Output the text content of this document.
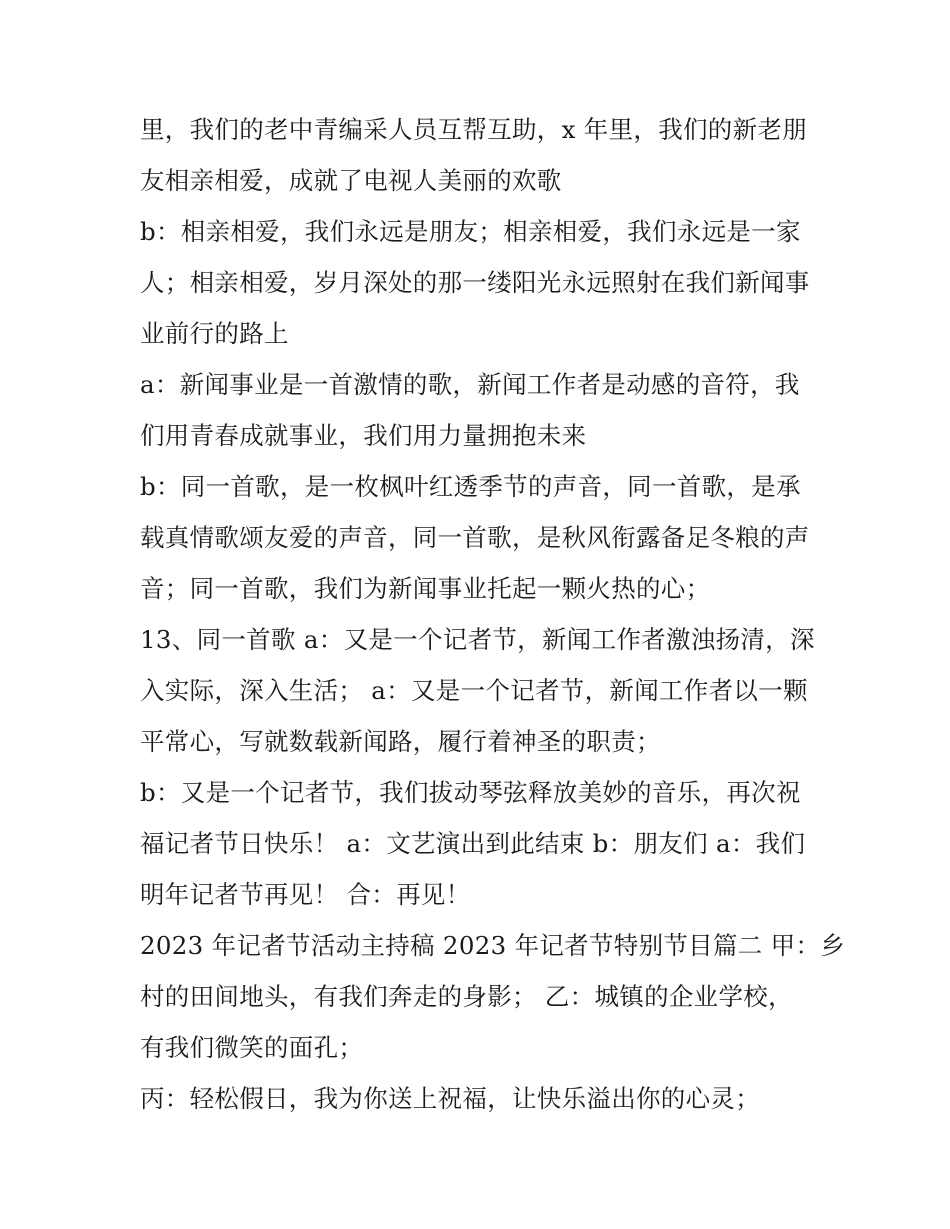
里，我们的老中青编采人员互帮互助，x 年里，我们的新老朋
友相亲相爱，成就了电视人美丽的欢歌
b：相亲相爱，我们永远是朋友；相亲相爱，我们永远是一家
人；相亲相爱，岁月深处的那一缕阳光永远照射在我们新闻事
业前行的路上
a：新闻事业是一首激情的歌，新闻工作者是动感的音符，我
们用青春成就事业，我们用力量拥抱未来
b：同一首歌，是一枚枫叶红透季节的声音，同一首歌，是承
载真情歌颂友爱的声音，同一首歌，是秋风衔露备足冬粮的声
音；同一首歌，我们为新闻事业托起一颗火热的心；
13、同一首歌 a：又是一个记者节，新闻工作者激浊扬清，深
入实际，深入生活； a：又是一个记者节，新闻工作者以一颗
平常心，写就数载新闻路，履行着神圣的职责；
b：又是一个记者节，我们拔动琴弦释放美妙的音乐，再次祝
福记者节日快乐！ a：文艺演出到此结束 b：朋友们 a：我们
明年记者节再见！ 合：再见！
2023 年记者节活动主持稿 2023 年记者节特别节目篇二 甲：乡
村的田间地头，有我们奔走的身影； 乙：城镇的企业学校，
有我们微笑的面孔；
丙：轻松假日，我为你送上祝福，让快乐溢出你的心灵；
